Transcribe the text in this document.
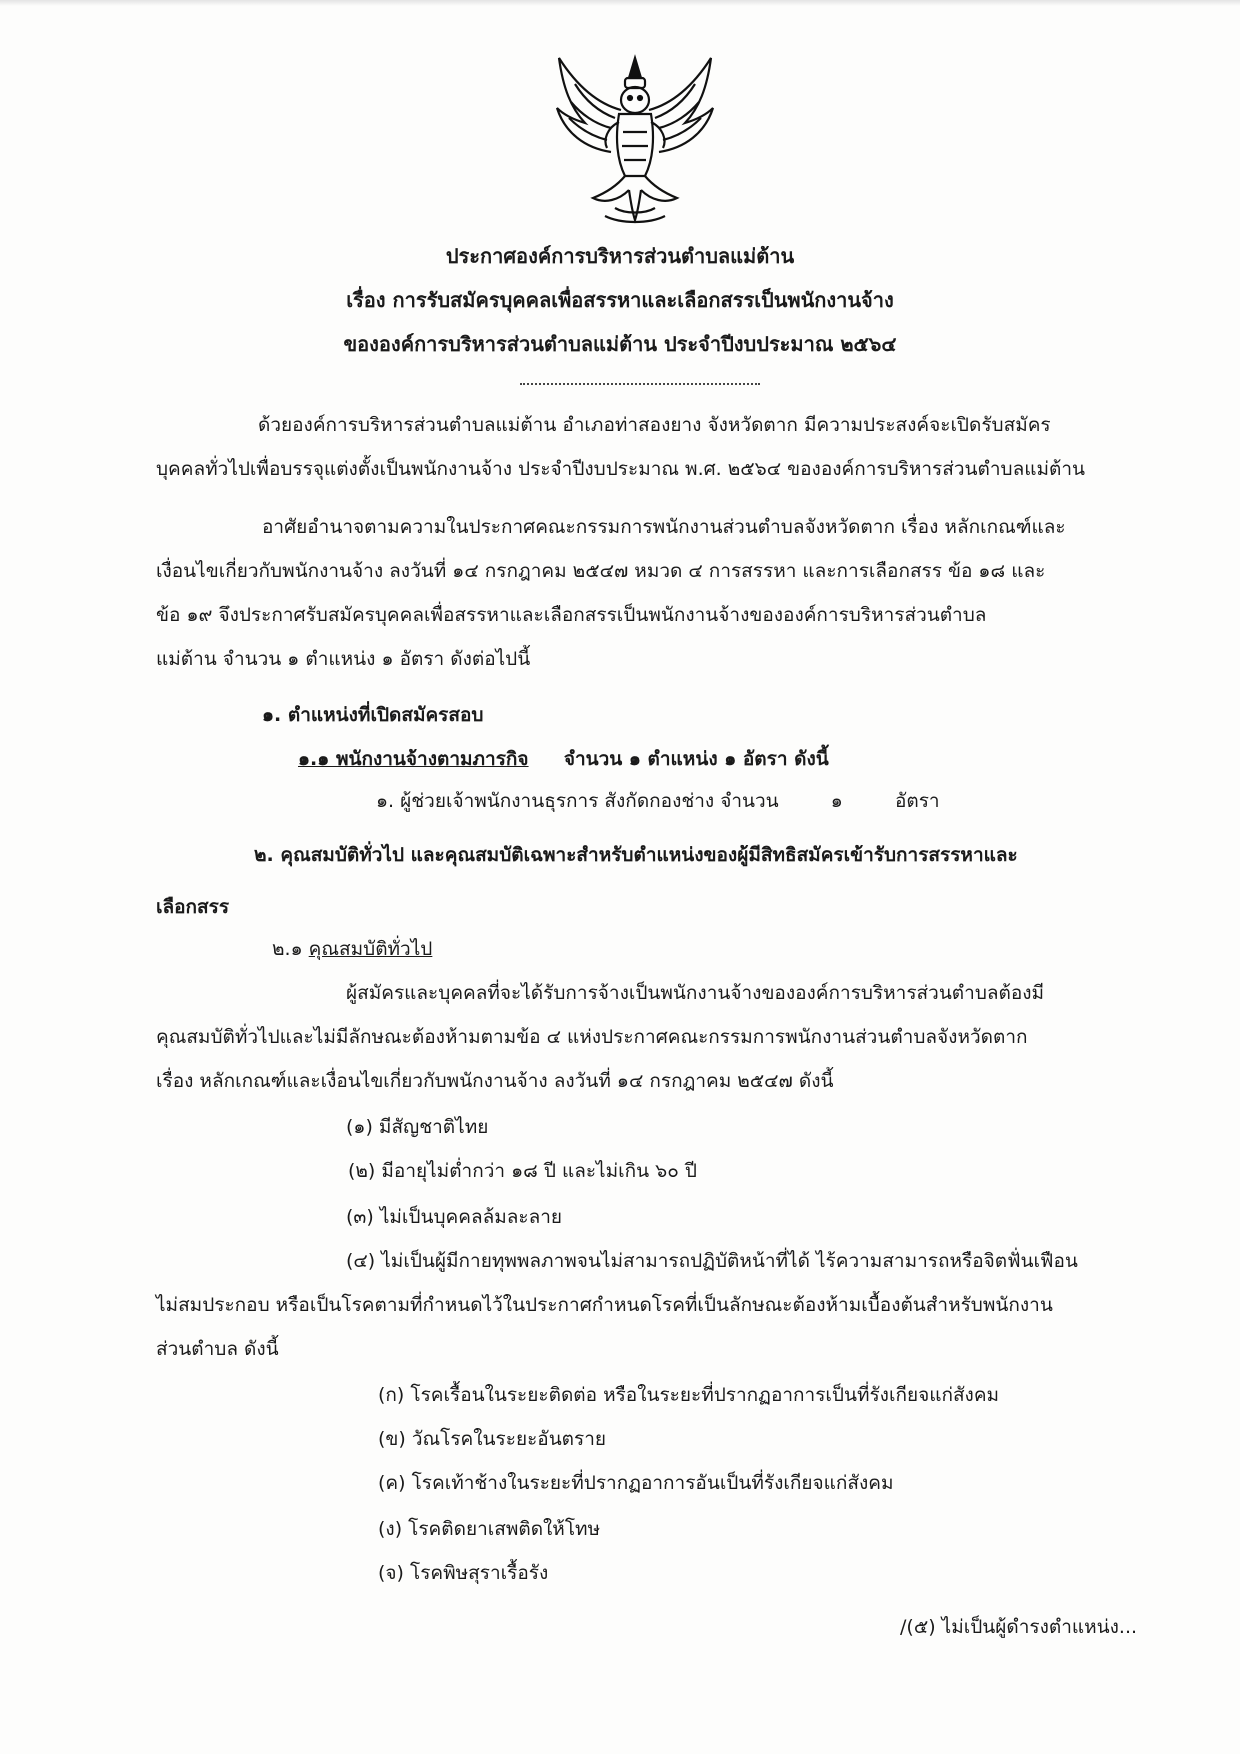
ประกาศองค์การบริหารส่วนตำบลแม่ต้าน
เรื่อง การรับสมัครบุคคลเพื่อสรรหาและเลือกสรรเป็นพนักงานจ้าง
ขององค์การบริหารส่วนตำบลแม่ต้าน ประจำปีงบประมาณ ๒๕๖๔
ด้วยองค์การบริหารส่วนตำบลแม่ต้าน อำเภอท่าสองยาง จังหวัดตาก มีความประสงค์จะเปิดรับสมัคร
บุคคลทั่วไปเพื่อบรรจุแต่งตั้งเป็นพนักงานจ้าง ประจำปีงบประมาณ พ.ศ. ๒๕๖๔ ขององค์การบริหารส่วนตำบลแม่ต้าน
อาศัยอำนาจตามความในประกาศคณะกรรมการพนักงานส่วนตำบลจังหวัดตาก เรื่อง หลักเกณฑ์และ
เงื่อนไขเกี่ยวกับพนักงานจ้าง ลงวันที่ ๑๔ กรกฎาคม ๒๕๔๗ หมวด ๔ การสรรหา และการเลือกสรร ข้อ ๑๘ และ
ข้อ ๑๙ จึงประกาศรับสมัครบุคคลเพื่อสรรหาและเลือกสรรเป็นพนักงานจ้างขององค์การบริหารส่วนตำบล
แม่ต้าน จำนวน ๑ ตำแหน่ง ๑ อัตรา ดังต่อไปนี้
๑. ตำแหน่งที่เปิดสมัครสอบ
๑.๑ พนักงานจ้างตามภารกิจ จำนวน ๑ ตำแหน่ง ๑ อัตรา ดังนี้
๑. ผู้ช่วยเจ้าพนักงานธุรการ สังกัดกองช่าง จำนวน	๑	อัตรา
๒. คุณสมบัติทั่วไป และคุณสมบัติเฉพาะสำหรับตำแหน่งของผู้มีสิทธิสมัครเข้ารับการสรรหาและ
เลือกสรร
๒.๑ คุณสมบัติทั่วไป
ผู้สมัครและบุคคลที่จะได้รับการจ้างเป็นพนักงานจ้างขององค์การบริหารส่วนตำบลต้องมี
คุณสมบัติทั่วไปและไม่มีลักษณะต้องห้ามตามข้อ ๔ แห่งประกาศคณะกรรมการพนักงานส่วนตำบลจังหวัดตาก
เรื่อง หลักเกณฑ์และเงื่อนไขเกี่ยวกับพนักงานจ้าง ลงวันที่ ๑๔ กรกฎาคม ๒๕๔๗ ดังนี้
(๑) มีสัญชาติไทย
(๒) มีอายุไม่ต่ำกว่า ๑๘ ปี และไม่เกิน ๖๐ ปี
(๓) ไม่เป็นบุคคลล้มละลาย
(๔) ไม่เป็นผู้มีกายทุพพลภาพจนไม่สามารถปฏิบัติหน้าที่ได้ ไร้ความสามารถหรือจิตฟั่นเฟือน
ไม่สมประกอบ หรือเป็นโรคตามที่กำหนดไว้ในประกาศกำหนดโรคที่เป็นลักษณะต้องห้ามเบื้องต้นสำหรับพนักงาน
ส่วนตำบล ดังนี้
(ก) โรคเรื้อนในระยะติดต่อ หรือในระยะที่ปรากฏอาการเป็นที่รังเกียจแก่สังคม
(ข) วัณโรคในระยะอันตราย
(ค) โรคเท้าช้างในระยะที่ปรากฏอาการอันเป็นที่รังเกียจแก่สังคม
(ง) โรคติดยาเสพติดให้โทษ
(จ) โรคพิษสุราเรื้อรัง
/(๕) ไม่เป็นผู้ดำรงตำแหน่ง...
